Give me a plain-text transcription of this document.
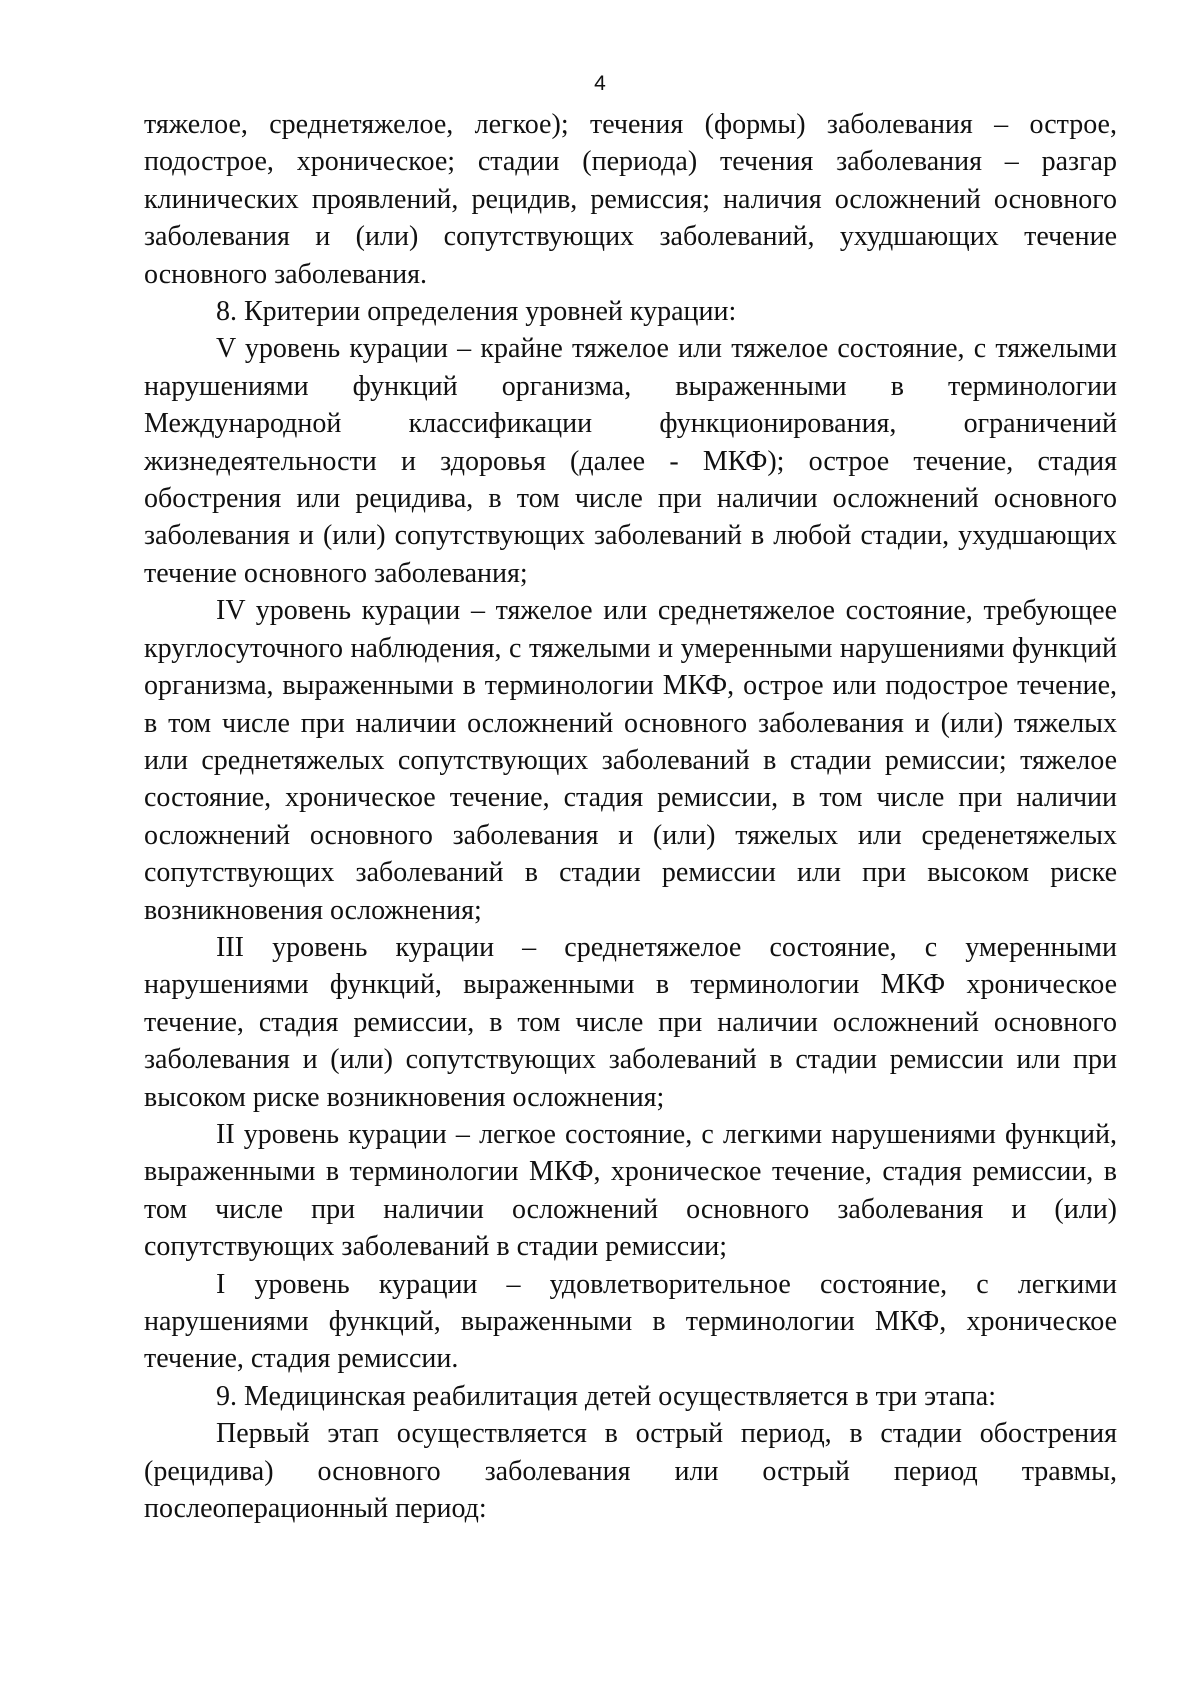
4

тяжелое, среднетяжелое, легкое); течения (формы) заболевания – острое, подострое, хроническое; стадии (периода) течения заболевания – разгар клинических проявлений, рецидив, ремиссия; наличия осложнений основного заболевания и (или) сопутствующих заболеваний, ухудшающих течение основного заболевания.

8. Критерии определения уровней курации:

V уровень курации – крайне тяжелое или тяжелое состояние, с тяжелыми нарушениями функций организма, выраженными в терминологии Международной классификации функционирования, ограничений жизнедеятельности и здоровья (далее - МКФ); острое течение, стадия обострения или рецидива, в том числе при наличии осложнений основного заболевания и (или) сопутствующих заболеваний в любой стадии, ухудшающих течение основного заболевания;

IV уровень курации – тяжелое или среднетяжелое состояние, требующее круглосуточного наблюдения, с тяжелыми и умеренными нарушениями функций организма, выраженными в терминологии МКФ, острое или подострое течение, в том числе при наличии осложнений основного заболевания и (или) тяжелых или среднетяжелых сопутствующих заболеваний в стадии ремиссии; тяжелое состояние, хроническое течение, стадия ремиссии, в том числе при наличии осложнений основного заболевания и (или) тяжелых или среденетяжелых сопутствующих заболеваний в стадии ремиссии или при высоком риске возникновения осложнения;

III уровень курации – среднетяжелое состояние, с умеренными нарушениями функций, выраженными в терминологии МКФ хроническое течение, стадия ремиссии, в том числе при наличии осложнений основного заболевания и (или) сопутствующих заболеваний в стадии ремиссии или при высоком риске возникновения осложнения;

II уровень курации – легкое состояние, с легкими нарушениями функций, выраженными в терминологии МКФ, хроническое течение, стадия ремиссии, в том числе при наличии осложнений основного заболевания и (или) сопутствующих заболеваний в стадии ремиссии;

I уровень курации – удовлетворительное состояние, с легкими нарушениями функций, выраженными в терминологии МКФ, хроническое течение, стадия ремиссии.

9. Медицинская реабилитация детей осуществляется в три этапа:

Первый этап осуществляется в острый период, в стадии обострения (рецидива) основного заболевания или острый период травмы, послеоперационный период:
